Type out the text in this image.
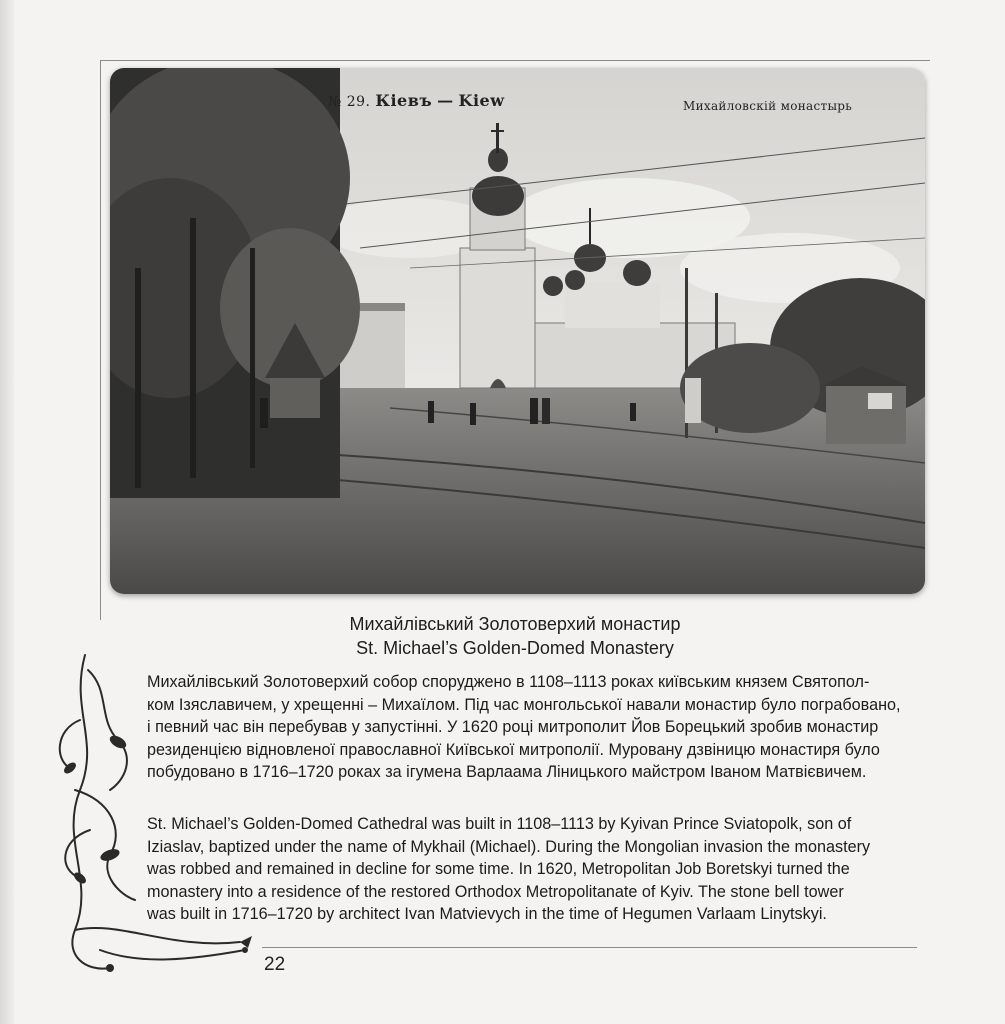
№ 29. Кіевъ — Kiew	Михайловскій монастырь
Михайлівський Золотоверхий монастир
St. Michael’s Golden-Domed Monastery
Михайлівський Золотоверхий собор споруджено в 1108–1113 роках київським князем Святопол-
ком Ізяславичем, у хрещенні – Михаїлом. Під час монгольської навали монастир було пограбовано,
і певний час він перебував у запустінні. У 1620 році митрополит Йов Борецький зробив монастир
резиденцією відновленої православної Київської митрополії. Муровану дзвіницю монастиря було
побудовано в 1716–1720 роках за ігумена Варлаама Ліницького майстром Іваном Матвієвичем.
St. Michael’s Golden-Domed Cathedral was built in 1108–1113 by Kyivan Prince Sviatopolk, son of
Iziaslav, baptized under the name of Mykhail (Michael). During the Mongolian invasion the monastery
was robbed and remained in decline for some time. In 1620, Metropolitan Job Boretskyi turned the
monastery into a residence of the restored Orthodox Metropolitanate of Kyiv. The stone bell tower
was built in 1716–1720 by architect Ivan Matvievych in the time of Hegumen Varlaam Linytskyi.
22
